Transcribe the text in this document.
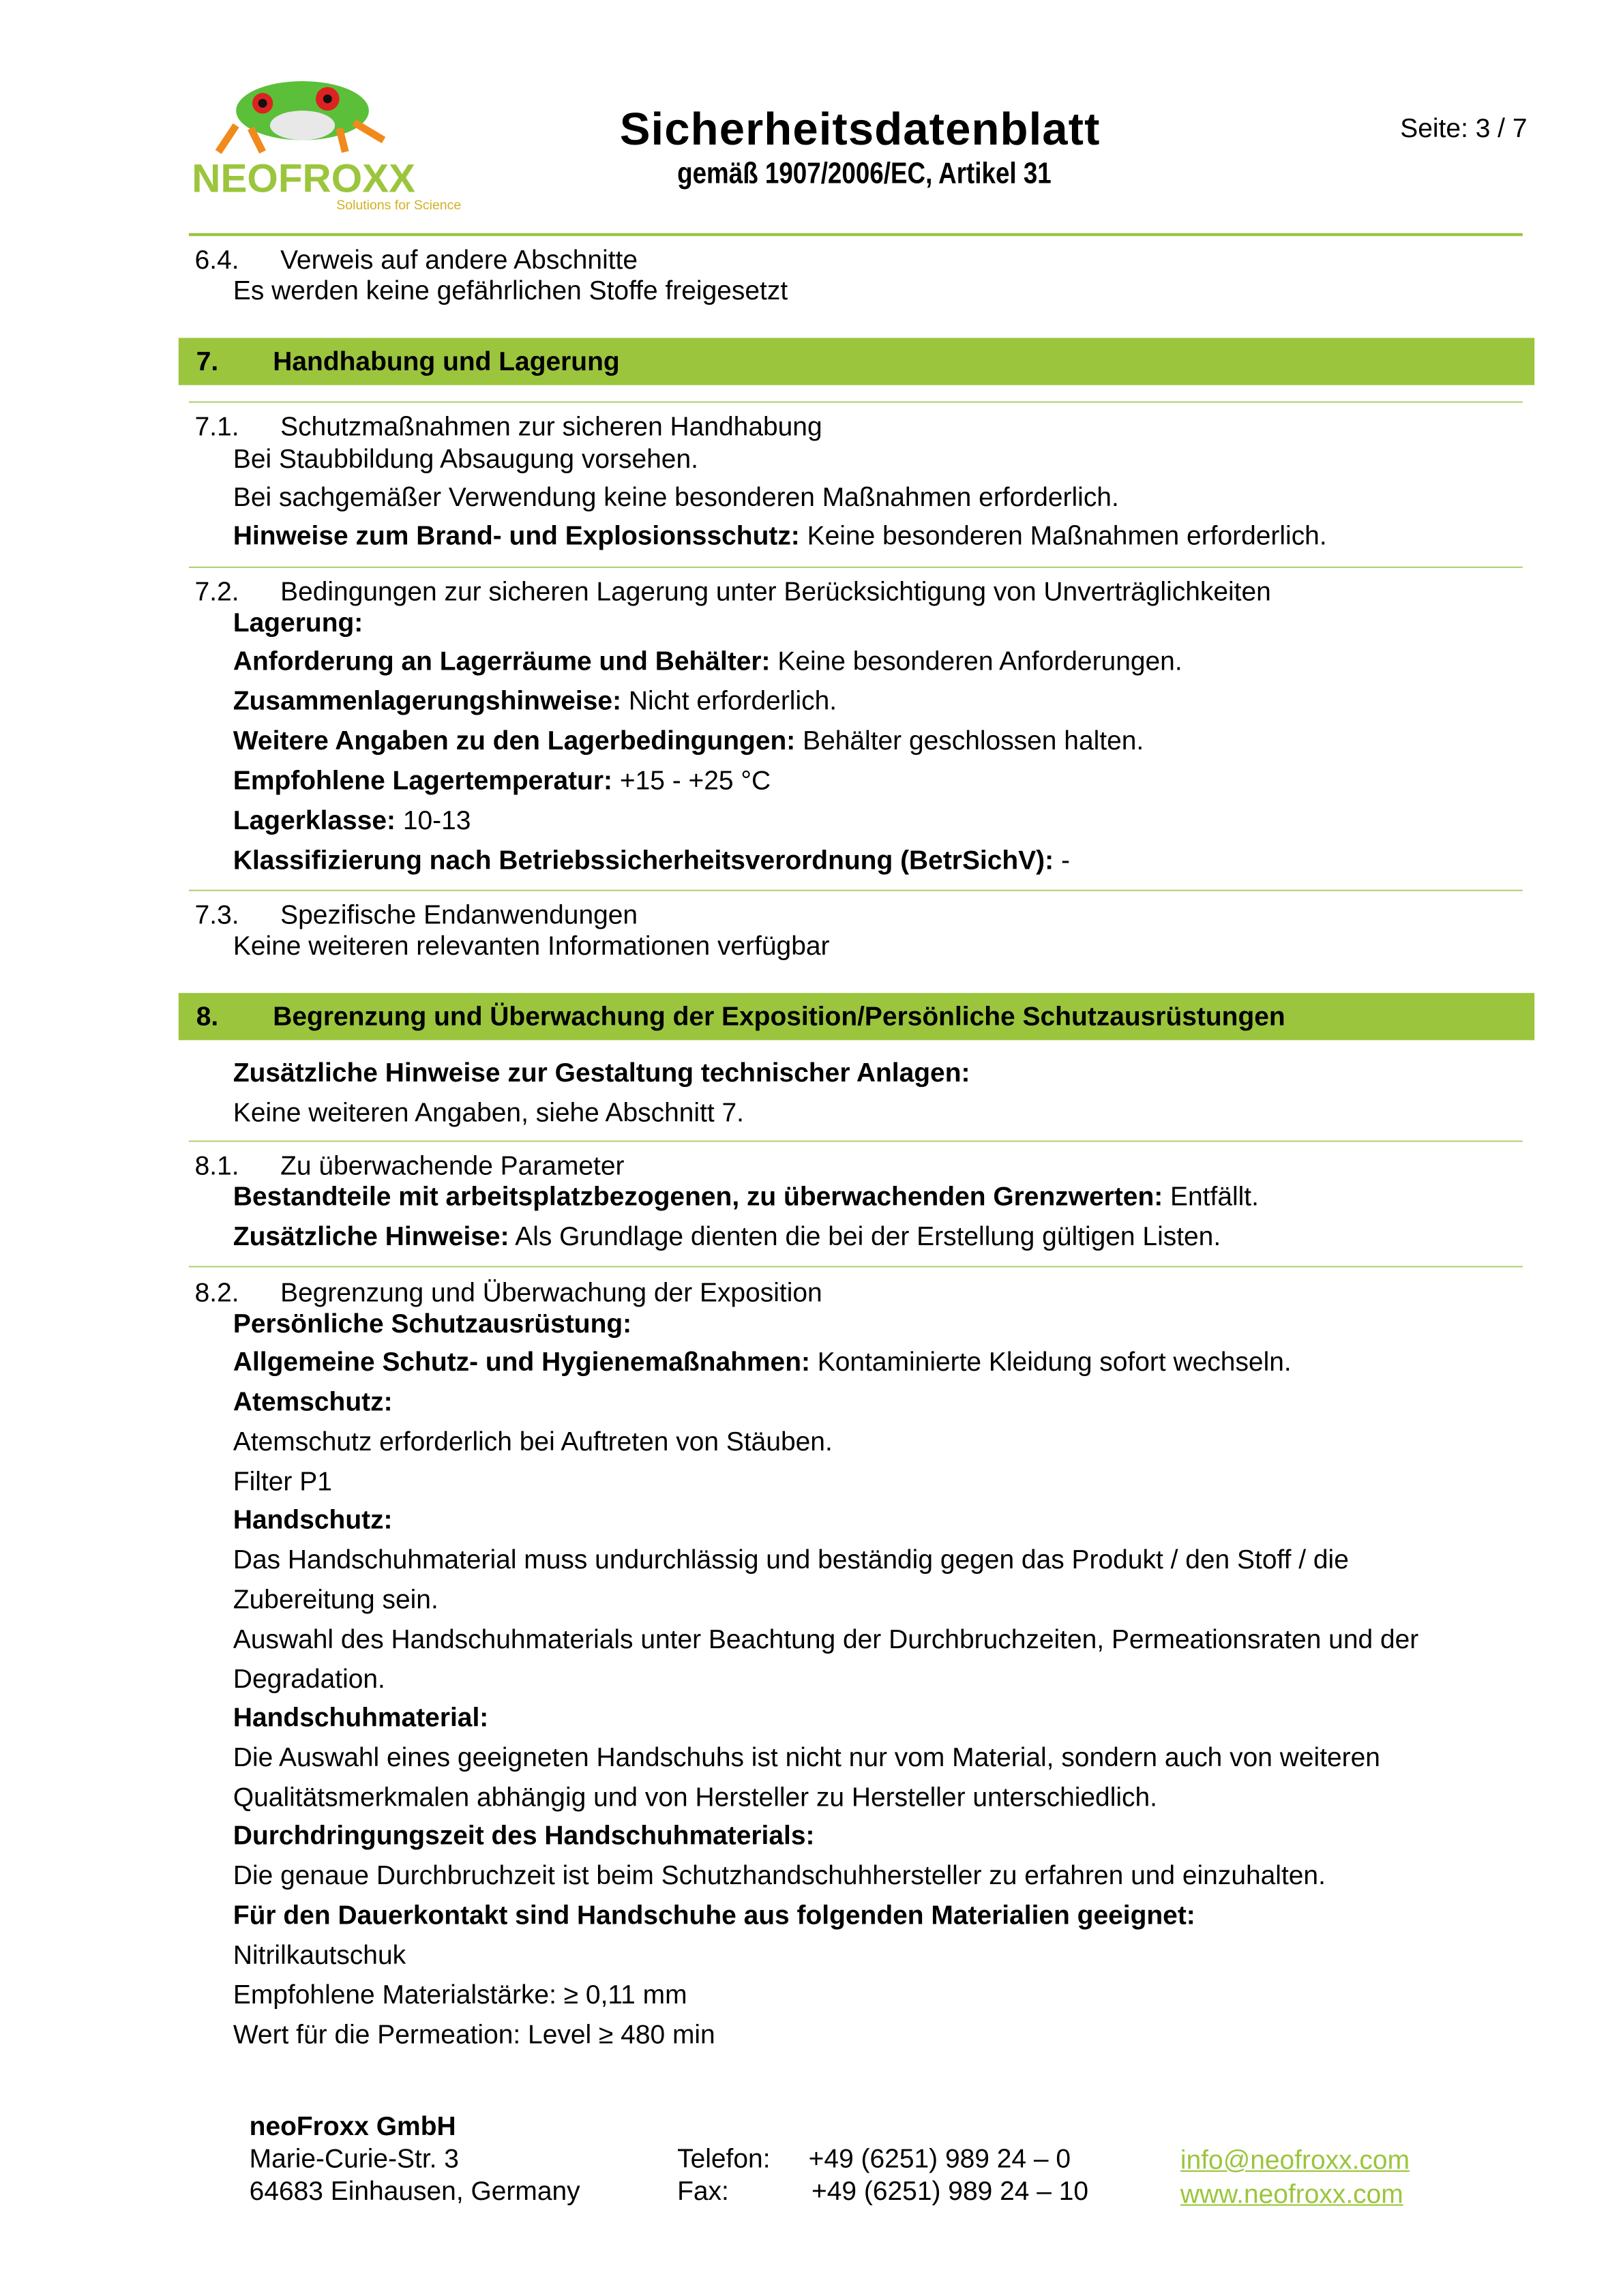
NEOFROXX
Solutions for Science
Sicherheitsdatenblatt
gemäß 1907/2006/EC, Artikel 31
Seite: 3 / 7
6.4.	Verweis auf andere Abschnitte
Es werden keine gefährlichen Stoffe freigesetzt
7.	Handhabung und Lagerung
7.1.	Schutzmaßnahmen zur sicheren Handhabung
Bei Staubbildung Absaugung vorsehen.
Bei sachgemäßer Verwendung keine besonderen Maßnahmen erforderlich.
Hinweise zum Brand- und Explosionsschutz: Keine besonderen Maßnahmen erforderlich.
7.2.	Bedingungen zur sicheren Lagerung unter Berücksichtigung von Unverträglichkeiten
Lagerung:
Anforderung an Lagerräume und Behälter: Keine besonderen Anforderungen.
Zusammenlagerungshinweise: Nicht erforderlich.
Weitere Angaben zu den Lagerbedingungen: Behälter geschlossen halten.
Empfohlene Lagertemperatur: +15 - +25 °C
Lagerklasse: 10-13
Klassifizierung nach Betriebssicherheitsverordnung (BetrSichV): -
7.3.	Spezifische Endanwendungen
Keine weiteren relevanten Informationen verfügbar
8.	Begrenzung und Überwachung der Exposition/Persönliche Schutzausrüstungen
Zusätzliche Hinweise zur Gestaltung technischer Anlagen:
Keine weiteren Angaben, siehe Abschnitt 7.
8.1.	Zu überwachende Parameter
Bestandteile mit arbeitsplatzbezogenen, zu überwachenden Grenzwerten: Entfällt.
Zusätzliche Hinweise: Als Grundlage dienten die bei der Erstellung gültigen Listen.
8.2.	Begrenzung und Überwachung der Exposition
Persönliche Schutzausrüstung:
Allgemeine Schutz- und Hygienemaßnahmen: Kontaminierte Kleidung sofort wechseln.
Atemschutz:
Atemschutz erforderlich bei Auftreten von Stäuben.
Filter P1
Handschutz:
Das Handschuhmaterial muss undurchlässig und beständig gegen das Produkt / den Stoff / die
Zubereitung sein.
Auswahl des Handschuhmaterials unter Beachtung der Durchbruchzeiten, Permeationsraten und der
Degradation.
Handschuhmaterial:
Die Auswahl eines geeigneten Handschuhs ist nicht nur vom Material, sondern auch von weiteren
Qualitätsmerkmalen abhängig und von Hersteller zu Hersteller unterschiedlich.
Durchdringungszeit des Handschuhmaterials:
Die genaue Durchbruchzeit ist beim Schutzhandschuhhersteller zu erfahren und einzuhalten.
Für den Dauerkontakt sind Handschuhe aus folgenden Materialien geeignet:
Nitrilkautschuk
Empfohlene Materialstärke: ≥ 0,11 mm
Wert für die Permeation: Level ≥ 480 min
neoFroxx GmbH
Marie-Curie-Str. 3
64683 Einhausen, Germany
Telefon:	+49 (6251) 989 24 – 0
Fax:	+49 (6251) 989 24 – 10
info@neofroxx.com
www.neofroxx.com
